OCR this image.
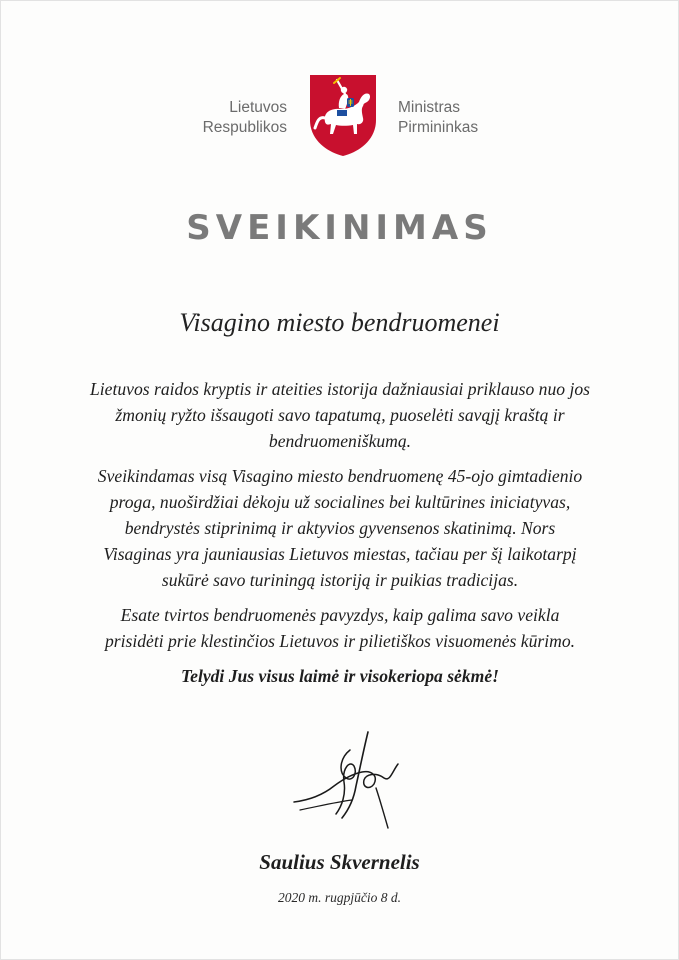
Lietuvos
Respublikos
Ministras
Pirmininkas
SVEIKINIMAS
Visagino miesto bendruomenei

Lietuvos raidos kryptis ir ateities istorija dažniausiai priklauso nuo jos žmonių ryžto išsaugoti savo tapatumą, puoselėti savąjį kraštą ir bendruomeniškumą.

Sveikindamas visą Visagino miesto bendruomenę 45-ojo gimtadienio proga, nuoširdžiai dėkoju už socialines bei kultūrines iniciatyvas, bendrystės stiprinimą ir aktyvios gyvensenos skatinimą. Nors Visaginas yra jauniausias Lietuvos miestas, tačiau per šį laikotarpį sukūrė savo turiningą istoriją ir puikias tradicijas.

Esate tvirtos bendruomenės pavyzdys, kaip galima savo veikla prisidėti prie klestinčios Lietuvos ir pilietiškos visuomenės kūrimo.

Telydi Jus visus laimė ir visokeriopa sėkmė!

Saulius Skvernelis
2020 m. rugpjūčio 8 d.
